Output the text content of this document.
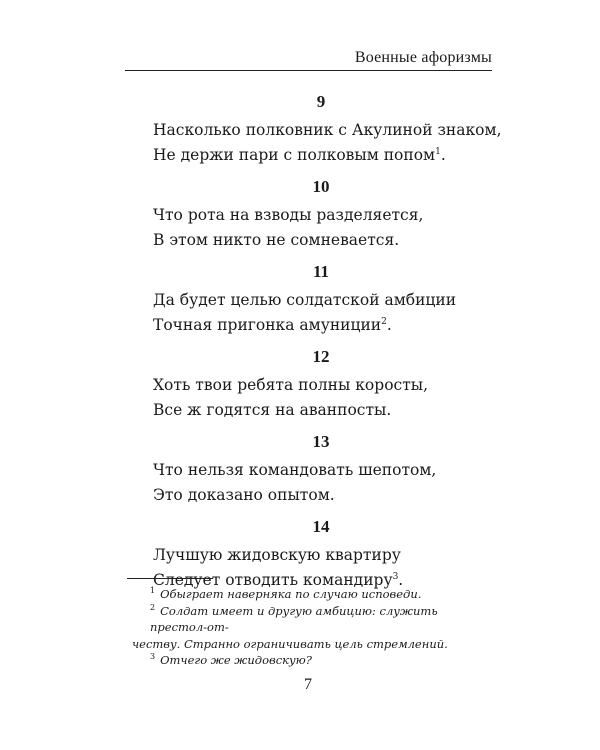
Военные афоризмы
9
Насколько полковник с Акулиной знаком,
Не держи пари с полковым попом$^1$.
10
Что рота на взводы разделяется,
В этом никто не сомневается.
11
Да будет целью солдатской амбиции
Точная пригонка амуниции$^2$.
12
Хоть твои ребята полны коросты,
Все ж годятся на аванпосты.
13
Что нельзя командовать шепотом,
Это доказано опытом.
14
Лучшую жидовскую квартиру
Следует отводить командиру$^3$.

$^1$ Обыграет наверняка по случаю исповеди.

$^2$ Солдат имеет и другую амбицию: служить престол-от-

честву. Странно ограничивать цель стремлений.

$^3$ Отчего же жидовскую?

7
